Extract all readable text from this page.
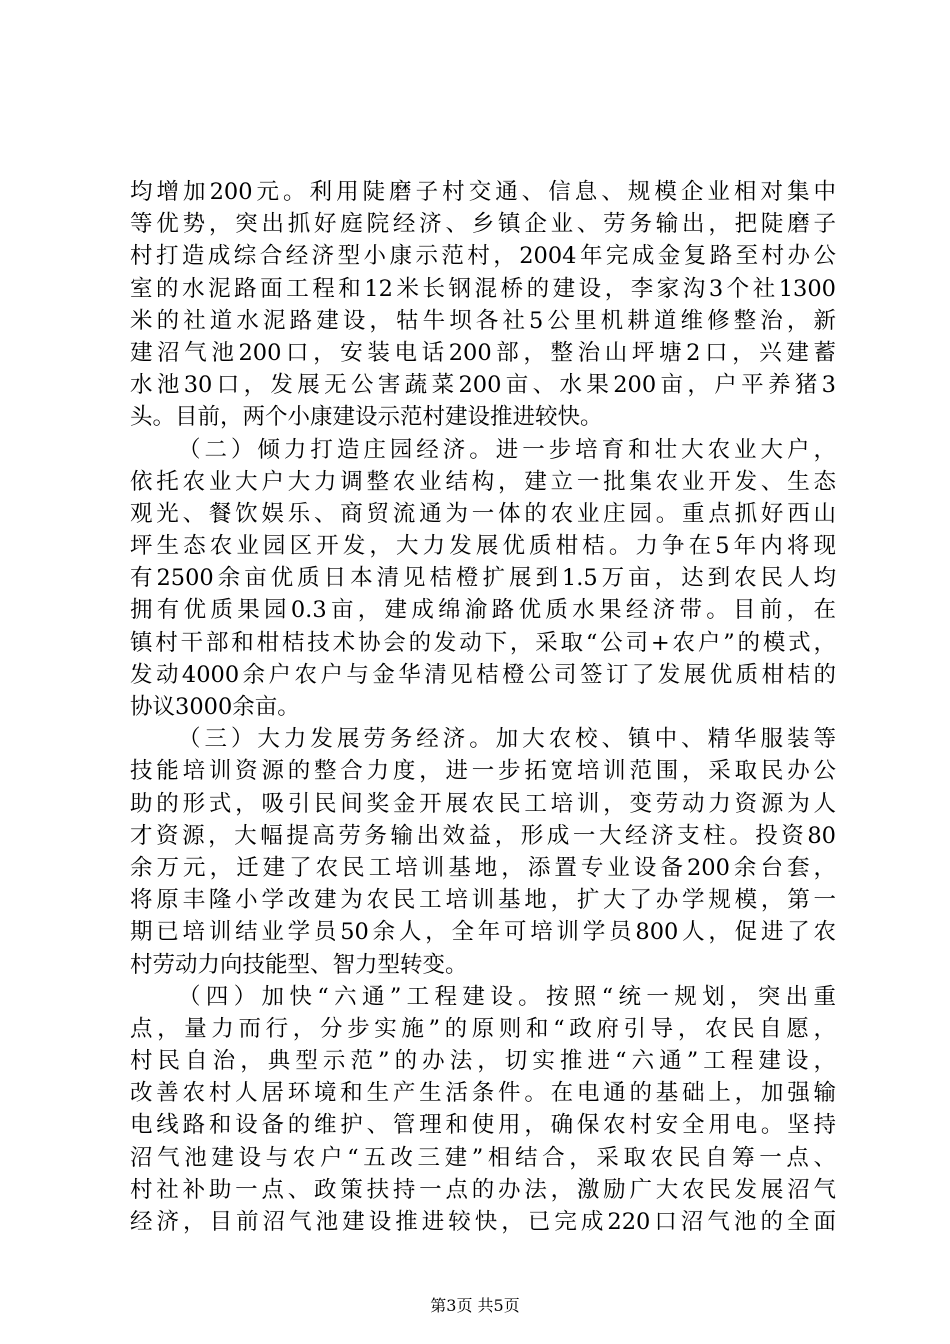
均增加200元。利用陡磨子村交通、信息、规模企业相对集中
等优势，突出抓好庭院经济、乡镇企业、劳务输出，把陡磨子
村打造成综合经济型小康示范村，2004年完成金复路至村办公
室的水泥路面工程和12米长钢混桥的建设，李家沟3个社1300
米的社道水泥路建设，牯牛坝各社5公里机耕道维修整治，新
建沼气池200口，安装电话200部，整治山坪塘2口，兴建蓄
水池30口，发展无公害蔬菜200亩、水果200亩，户平养猪3
头。目前，两个小康建设示范村建设推进较快。
（二）倾力打造庄园经济。进一步培育和壮大农业大户，
依托农业大户大力调整农业结构，建立一批集农业开发、生态
观光、餐饮娱乐、商贸流通为一体的农业庄园。重点抓好西山
坪生态农业园区开发，大力发展优质柑桔。力争在5年内将现
有2500余亩优质日本清见桔橙扩展到1.5万亩，达到农民人均
拥有优质果园0.3亩，建成绵渝路优质水果经济带。目前，在
镇村干部和柑桔技术协会的发动下，采取“公司+农户”的模式，
发动4000余户农户与金华清见桔橙公司签订了发展优质柑桔的
协议3000余亩。
（三）大力发展劳务经济。加大农校、镇中、精华服装等
技能培训资源的整合力度，进一步拓宽培训范围，采取民办公
助的形式，吸引民间奖金开展农民工培训，变劳动力资源为人
才资源，大幅提高劳务输出效益，形成一大经济支柱。投资80
余万元，迁建了农民工培训基地，添置专业设备200余台套，
将原丰隆小学改建为农民工培训基地，扩大了办学规模，第一
期已培训结业学员50余人，全年可培训学员800人，促进了农
村劳动力向技能型、智力型转变。
（四）加快“六通”工程建设。按照“统一规划，突出重
点，量力而行，分步实施”的原则和“政府引导，农民自愿，
村民自治，典型示范”的办法，切实推进“六通”工程建设，
改善农村人居环境和生产生活条件。在电通的基础上，加强输
电线路和设备的维护、管理和使用，确保农村安全用电。坚持
沼气池建设与农户“五改三建”相结合，采取农民自筹一点、
村社补助一点、政策扶持一点的办法，激励广大农民发展沼气
经济，目前沼气池建设推进较快，已完成220口沼气池的全面
第3页 共5页
